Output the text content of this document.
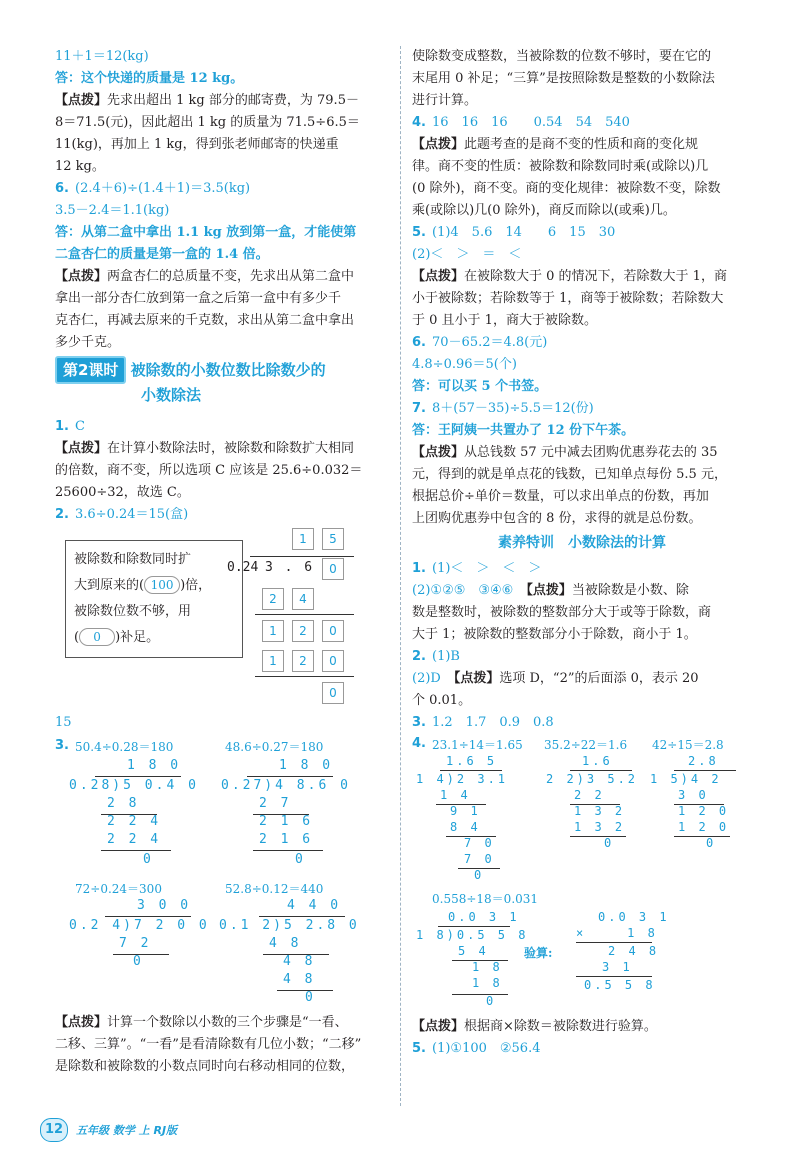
11＋1＝12(kg)
答：这个快递的质量是 12 kg。
【点拨】先求出超出 1 kg 部分的邮寄费，为 79.5－
8＝71.5(元)，因此超出 1 kg 的质量为 71.5÷6.5＝
11(kg)，再加上 1 kg，得到张老师邮寄的快递重
12 kg。
6. (2.4＋6)÷(1.4＋1)＝3.5(kg)
3.5－2.4＝1.1(kg)
答：从第二盒中拿出 1.1 kg 放到第一盒，才能使第
二盒杏仁的质量是第一盒的 1.4 倍。
【点拨】两盒杏仁的总质量不变，先求出从第二盒中
拿出一部分杏仁放到第一盒之后第一盒中有多少千
克杏仁，再减去原来的千克数，求出从第二盒中拿出
多少千克。
第2课时 被除数的小数位数比除数少的
小数除法
1. C
【点拨】在计算小数除法时，被除数和除数扩大相同
的倍数，商不变，所以选项 C 应该是 25.6÷0.032＝
25600÷32，故选 C。
2. 3.6÷0.24＝15(盒)
被除数和除数同时扩
大到原来的( 100 )倍，
被除数位数不够，用
( 0 )补足。
1	5
0.24 3 . 6	0
2	4
1	2	0
1	2	0
0
15
3. 50.4÷0.28＝180	48.6÷0.27＝180
1 8 0
0.28)5 0.4 0
2 8
2 2 4
2 2 4
0
1 8 0
0.27)4 8.6 0
2 7
2 1 6
2 1 6
0
72÷0.24＝300	52.8÷0.12＝440
3 0 0
0.2 4)7 2 0 0
7 2
0
4 4 0
0.1 2)5 2.8 0
4 8
4 8
4 8
0
【点拨】计算一个数除以小数的三个步骤是“一看、
二移、三算”。“一看”是看清除数有几位小数；“二移”
是除数和被除数的小数点同时向右移动相同的位数，
使除数变成整数，当被除数的位数不够时，要在它的
末尾用 0 补足；“三算”是按照除数是整数的小数除法
进行计算。
4. 16　16　16　　0.54　54　540
【点拨】此题考查的是商不变的性质和商的变化规
律。商不变的性质：被除数和除数同时乘(或除以)几
(0 除外)，商不变。商的变化规律：被除数不变，除数
乘(或除以)几(0 除外)，商反而除以(或乘)几。
5. (1)4　5.6　14　　6　15　30
(2)＜　＞　＝　＜
【点拨】在被除数大于 0 的情况下，若除数大于 1，商
小于被除数；若除数等于 1，商等于被除数；若除数大
于 0 且小于 1，商大于被除数。
6. 70－65.2＝4.8(元)
4.8÷0.96＝5(个)
答：可以买 5 个书签。
7. 8＋(57－35)÷5.5＝12(份)
答：王阿姨一共置办了 12 份下午茶。
【点拨】从总钱数 57 元中减去团购优惠券花去的 35
元，得到的就是单点花的钱数，已知单点每份 5.5 元，
根据总价÷单价＝数量，可以求出单点的份数，再加
上团购优惠券中包含的 8 份，求得的就是总份数。
素养特训　小数除法的计算
1. (1)＜　＞　＜　＞
(2)①②⑤　③④⑥　 【点拨】当被除数是小数、除
数是整数时，被除数的整数部分大于或等于除数，商
大于 1；被除数的整数部分小于除数，商小于 1。
2. (1)B
(2)D　 【点拨】选项 D，“2”的后面添 0，表示 20
个 0.01。
3. 1.2　1.7　0.9　0.8
4. 23.1÷14＝1.65 35.2÷22＝1.6 42÷15＝2.8
1.6 5
1 4)2 3.1
1 4
9 1
8 4
7 0
7 0
0
1.6
2 2)3 5.2
2 2
1 3 2
1 3 2
0
2.8
1 5)4 2
3 0
1 2 0
1 2 0
0
0.558÷18＝0.031
0.0 3 1
1 8)0.5 5 8
5 4
1 8
1 8
验算:
0.0 3 1
×    1 8
2 4 8
3 1
0
0.5 5 8
【点拨】根据商×除数＝被除数进行验算。
5. (1)①100　②56.4
12	五年级 数学 上 RJ版
